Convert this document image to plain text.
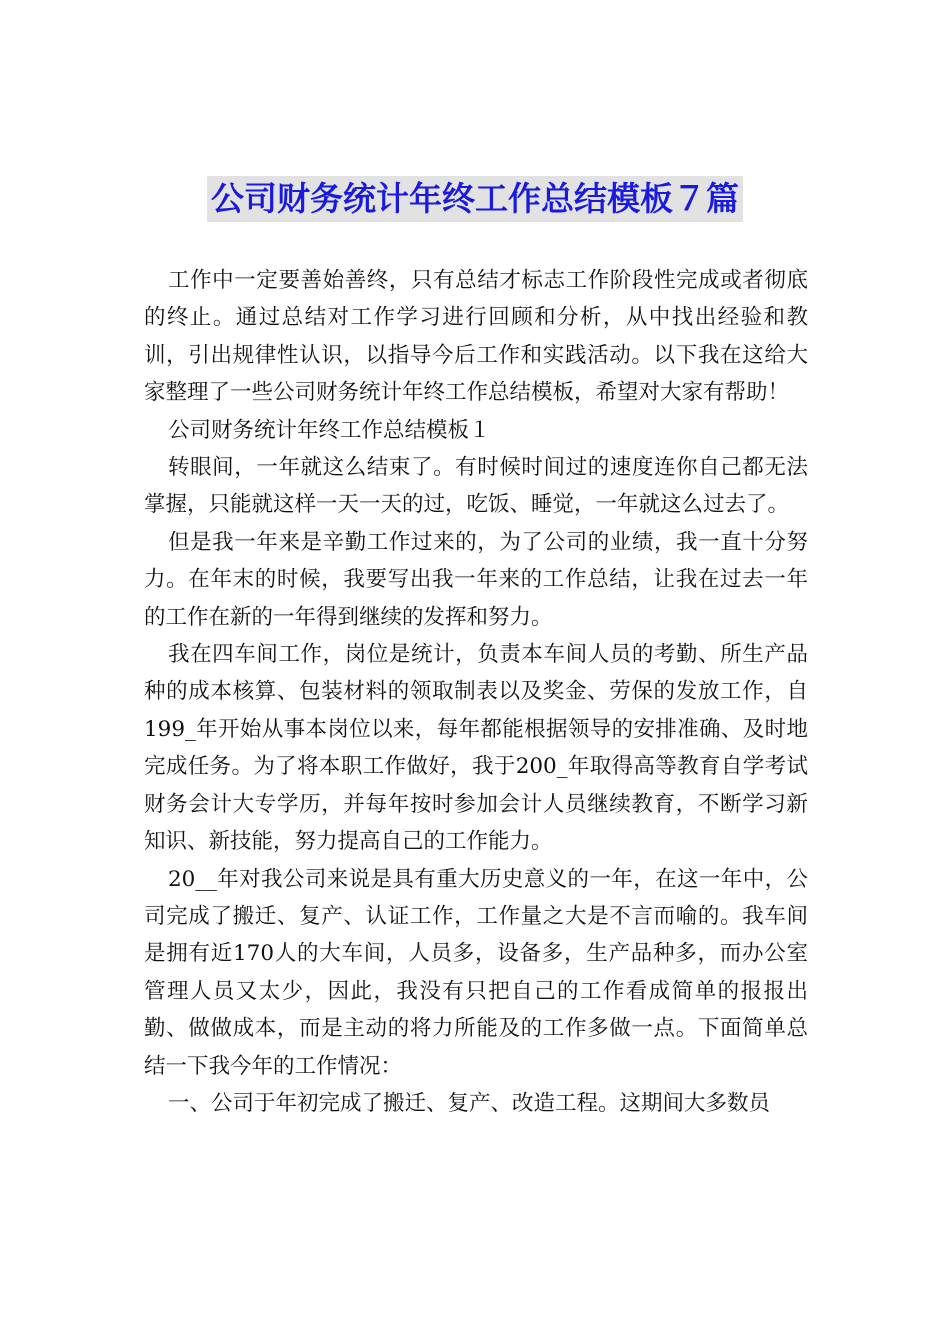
公司财务统计年终工作总结模板７篇

工作中一定要善始善终，只有总结才标志工作阶段性完成或者彻底的终止。通过总结对工作学习进行回顾和分析，从中找出经验和教训，引出规律性认识，以指导今后工作和实践活动。以下我在这给大家整理了一些公司财务统计年终工作总结模板，希望对大家有帮助！

公司财务统计年终工作总结模板１

转眼间，一年就这么结束了。有时候时间过的速度连你自己都无法掌握，只能就这样一天一天的过，吃饭、睡觉，一年就这么过去了。

但是我一年来是辛勤工作过来的，为了公司的业绩，我一直十分努力。在年末的时候，我要写出我一年来的工作总结，让我在过去一年的工作在新的一年得到继续的发挥和努力。

我在四车间工作，岗位是统计，负责本车间人员的考勤、所生产品种的成本核算、包装材料的领取制表以及奖金、劳保的发放工作，自199_年开始从事本岗位以来，每年都能根据领导的安排准确、及时地完成任务。为了将本职工作做好，我于200_年取得高等教育自学考试财务会计大专学历，并每年按时参加会计人员继续教育，不断学习新知识、新技能，努力提高自己的工作能力。

20__年对我公司来说是具有重大历史意义的一年，在这一年中，公司完成了搬迁、复产、认证工作，工作量之大是不言而喻的。我车间是拥有近170人的大车间，人员多，设备多，生产品种多，而办公室管理人员又太少，因此，我没有只把自己的工作看成简单的报报出勤、做做成本，而是主动的将力所能及的工作多做一点。下面简单总结一下我今年的工作情况：

一、公司于年初完成了搬迁、复产、改造工程。这期间大多数员
